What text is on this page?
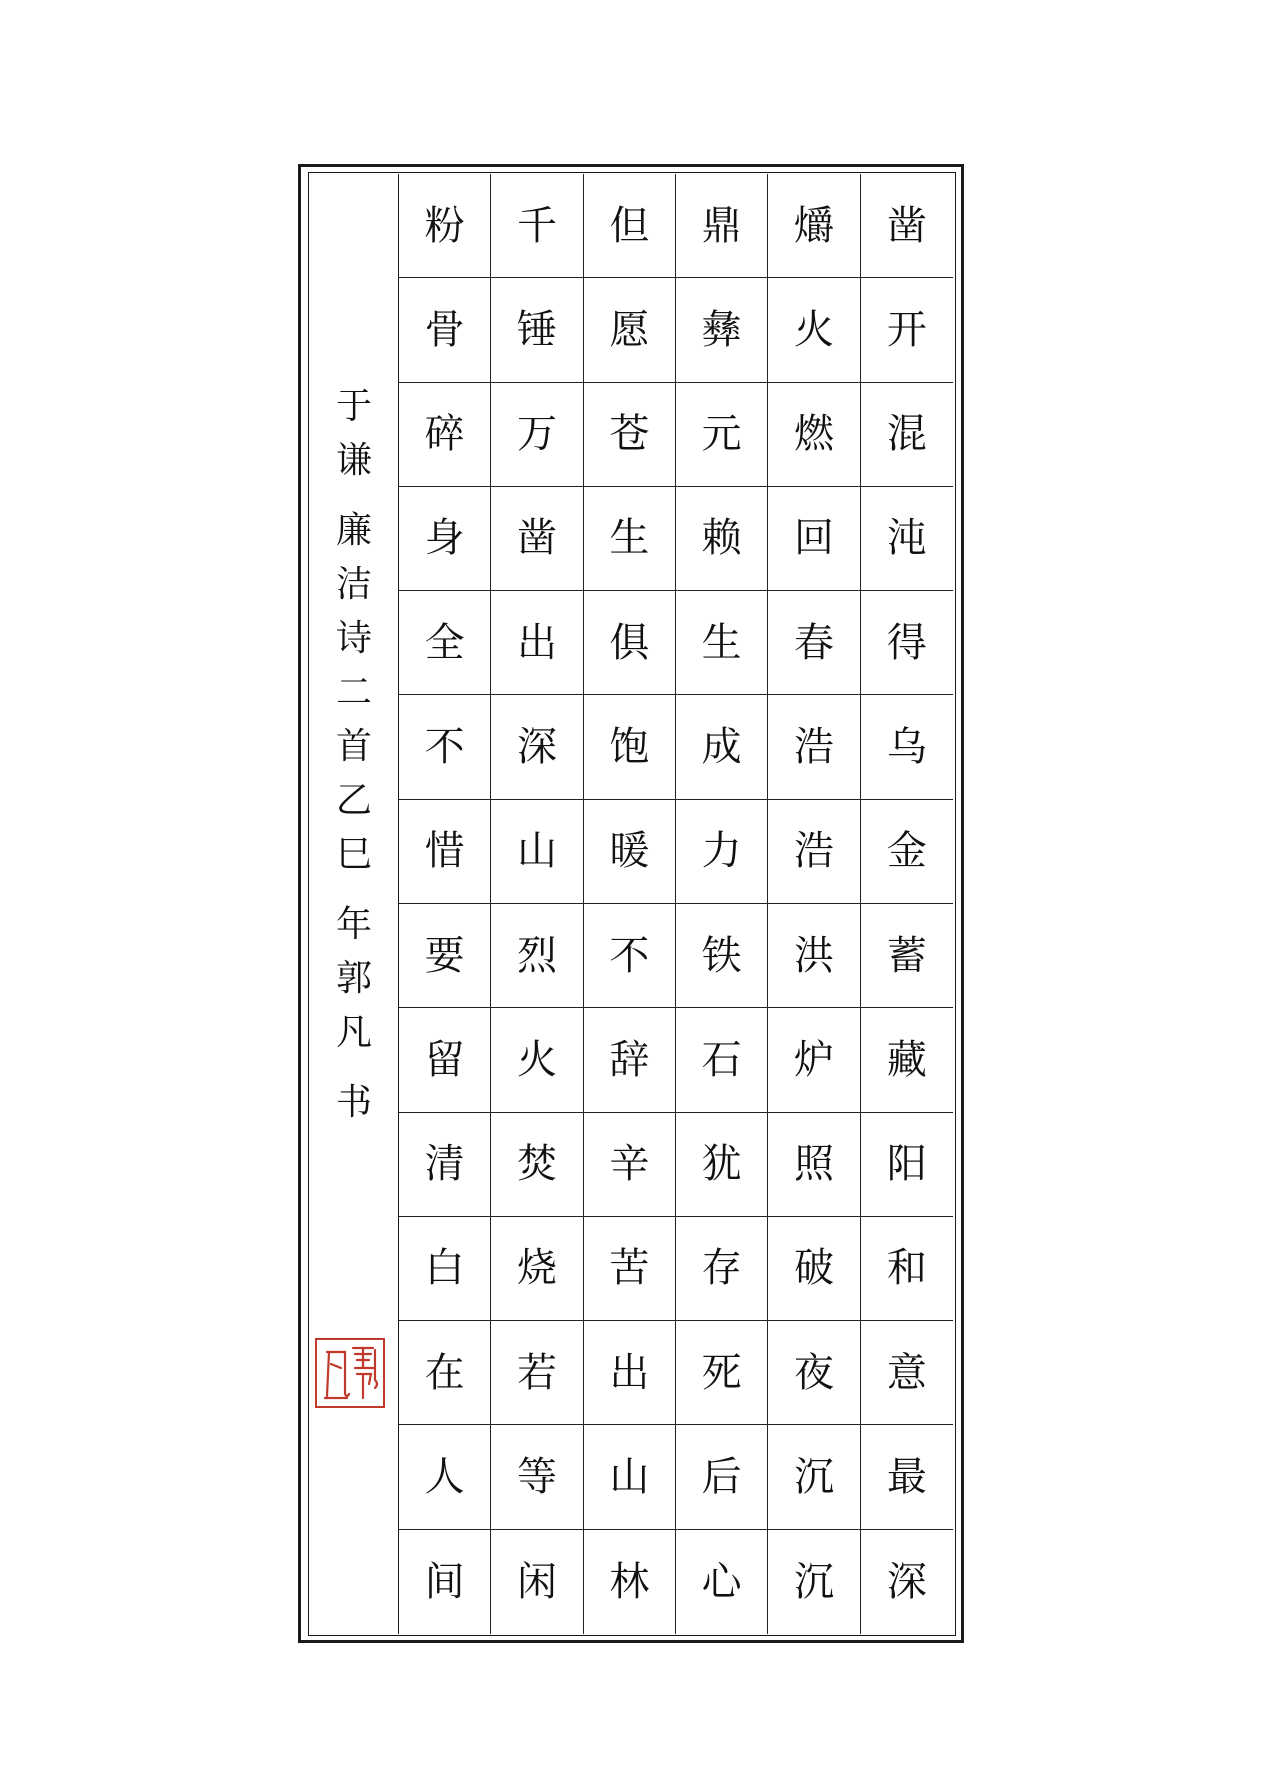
粉	千	但	鼎	爝	凿
骨	锤	愿	彝	火	开
碎	万	苍	元	燃	混
身	凿	生	赖	回	沌
全	出	俱	生	春	得
不	深	饱	成	浩	乌
惜	山	暖	力	浩	金
要	烈	不	铁	洪	蓄
留	火	辞	石	炉	藏
清	焚	辛	犹	照	阳
白	烧	苦	存	破	和
在	若	出	死	夜	意
人	等	山	后	沉	最
间	闲	林	心	沉	深
于
谦
廉
洁
诗
二
首
乙
巳
年
郭
凡
书
